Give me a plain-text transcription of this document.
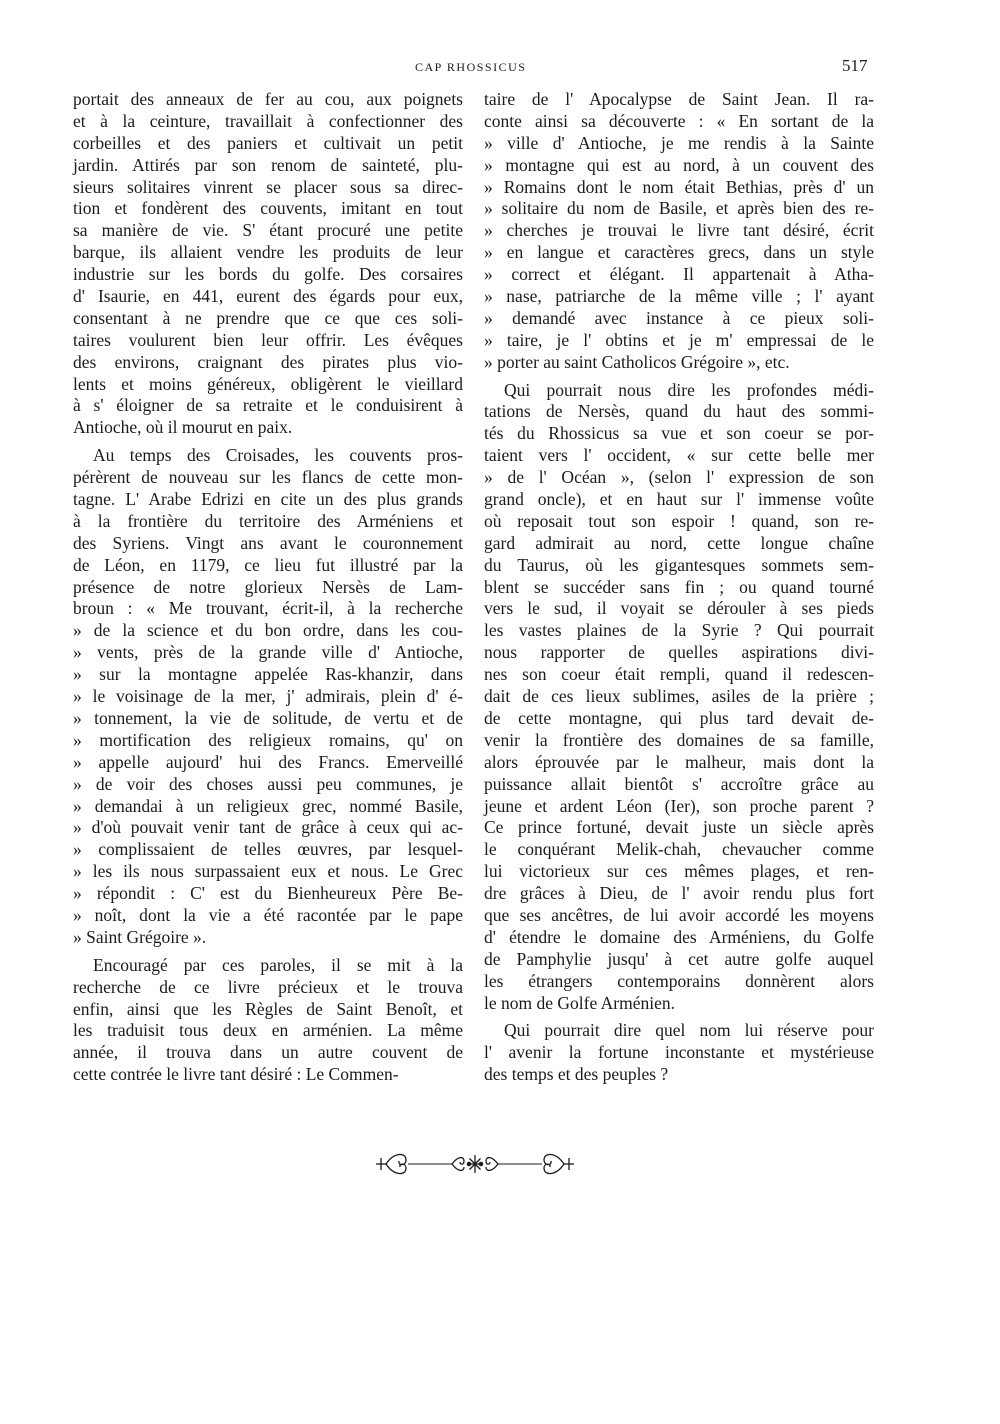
CAP RHOSSICUS	517
portait des anneaux de fer au cou, aux poignets
et à la ceinture, travaillait à confectionner des
corbeilles et des paniers et cultivait un petit
jardin. Attirés par son renom de sainteté, plu-
sieurs solitaires vinrent se placer sous sa direc-
tion et fondèrent des couvents, imitant en tout
sa manière de vie. S' étant procuré une petite
barque, ils allaient vendre les produits de leur
industrie sur les bords du golfe. Des corsaires
d' Isaurie, en 441, eurent des égards pour eux,
consentant à ne prendre que ce que ces soli-
taires voulurent bien leur offrir. Les évêques
des environs, craignant des pirates plus vio-
lents et moins généreux, obligèrent le vieillard
à s' éloigner de sa retraite et le conduisirent à
Antioche, où il mourut en paix.
Au temps des Croisades, les couvents pros-
pérèrent de nouveau sur les flancs de cette mon-
tagne. L' Arabe Edrizi en cite un des plus grands
à la frontière du territoire des Arméniens et
des Syriens. Vingt ans avant le couronnement
de Léon, en 1179, ce lieu fut illustré par la
présence de notre glorieux Nersès de Lam-
broun : « Me trouvant, écrit-il, à la recherche
» de la science et du bon ordre, dans les cou-
» vents, près de la grande ville d' Antioche,
» sur la montagne appelée Ras-khanzir, dans
» le voisinage de la mer, j' admirais, plein d' é-
» tonnement, la vie de solitude, de vertu et de
» mortification des religieux romains, qu' on
» appelle aujourd' hui des Francs. Emerveillé
» de voir des choses aussi peu communes, je
» demandai à un religieux grec, nommé Basile,
» d'où pouvait venir tant de grâce à ceux qui ac-
» complissaient de telles œuvres, par lesquel-
» les ils nous surpassaient eux et nous. Le Grec
» répondit : C' est du Bienheureux Père Be-
» noît, dont la vie a été racontée par le pape
» Saint Grégoire ».
Encouragé par ces paroles, il se mit à la
recherche de ce livre précieux et le trouva
enfin, ainsi que les Règles de Saint Benoît, et
les traduisit tous deux en arménien. La même
année, il trouva dans un autre couvent de
cette contrée le livre tant désiré : Le Commen-
taire de l' Apocalypse de Saint Jean. Il ra-
conte ainsi sa découverte : « En sortant de la
» ville d' Antioche, je me rendis à la Sainte
» montagne qui est au nord, à un couvent des
» Romains dont le nom était Bethias, près d' un
» solitaire du nom de Basile, et après bien des re-
» cherches je trouvai le livre tant désiré, écrit
» en langue et caractères grecs, dans un style
» correct et élégant. Il appartenait à Atha-
» nase, patriarche de la même ville ; l' ayant
» demandé avec instance à ce pieux soli-
» taire, je l' obtins et je m' empressai de le
» porter au saint Catholicos Grégoire », etc.
Qui pourrait nous dire les profondes médi-
tations de Nersès, quand du haut des sommi-
tés du Rhossicus sa vue et son coeur se por-
taient vers l' occident, « sur cette belle mer
» de l' Océan », (selon l' expression de son
grand oncle), et en haut sur l' immense voûte
où reposait tout son espoir ! quand, son re-
gard admirait au nord, cette longue chaîne
du Taurus, où les gigantesques sommets sem-
blent se succéder sans fin ; ou quand tourné
vers le sud, il voyait se dérouler à ses pieds
les vastes plaines de la Syrie ? Qui pourrait
nous rapporter de quelles aspirations divi-
nes son coeur était rempli, quand il redescen-
dait de ces lieux sublimes, asiles de la prière ;
de cette montagne, qui plus tard devait de-
venir la frontière des domaines de sa famille,
alors éprouvée par le malheur, mais dont la
puissance allait bientôt s' accroître grâce au
jeune et ardent Léon (Ier), son proche parent ?
Ce prince fortuné, devait juste un siècle après
le conquérant Melik-chah, chevaucher comme
lui victorieux sur ces mêmes plages, et ren-
dre grâces à Dieu, de l' avoir rendu plus fort
que ses ancêtres, de lui avoir accordé les moyens
d' étendre le domaine des Arméniens, du Golfe
de Pamphylie jusqu' à cet autre golfe auquel
les étrangers contemporains donnèrent alors
le nom de Golfe Arménien.
Qui pourrait dire quel nom lui réserve pour
l' avenir la fortune inconstante et mystérieuse
des temps et des peuples ?
